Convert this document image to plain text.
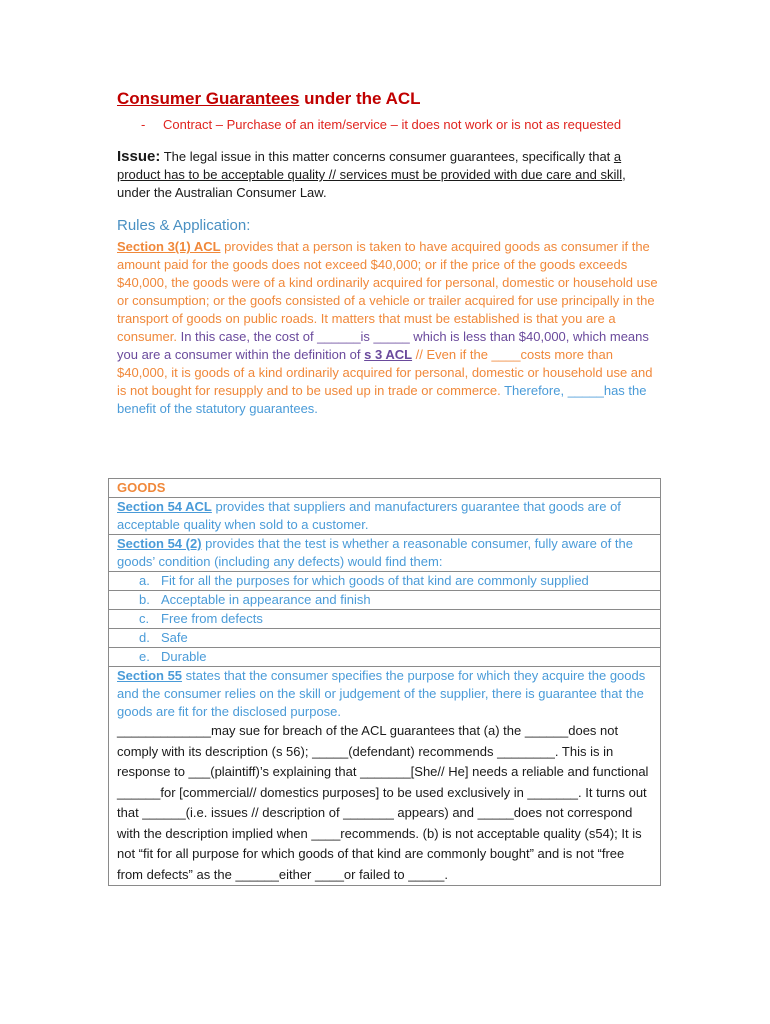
Consumer Guarantees under the ACL
-	Contract – Purchase of an item/service – it does not work or is not as requested

Issue: The legal issue in this matter concerns consumer guarantees, specifically that a product has to be acceptable quality // services must be provided with due care and skill, under the Australian Consumer Law.

Rules & Application:
Section 3(1) ACL provides that a person is taken to have acquired goods as consumer if the amount paid for the goods does not exceed $40,000; or if the price of the goods exceeds $40,000, the goods were of a kind ordinarily acquired for personal, domestic or household use or consumption; or the goofs consisted of a vehicle or trailer acquired for use principally in the transport of goods on public roads. It matters that must be established is that you are a consumer. In this case, the cost of ______is _____ which is less than $40,000, which means you are a consumer within the definition of s 3 ACL // Even if the ____costs more than $40,000, it is goods of a kind ordinarily acquired for personal, domestic or household use and is not bought for resupply and to be used up in trade or commerce. Therefore, _____has the benefit of the statutory guarantees.
GOODS
Section 54 ACL provides that suppliers and manufacturers guarantee that goods are of acceptable quality when sold to a customer.
Section 54 (2) provides that the test is whether a reasonable consumer, fully aware of the goods’ condition (including any defects) would find them:

a. Fit for all the purposes for which goods of that kind are commonly supplied

b. Acceptable in appearance and finish

c. Free from defects

d. Safe

e. Durable

Section 55 states that the consumer specifies the purpose for which they acquire the goods and the consumer relies on the skill or judgement of the supplier, there is guarantee that the goods are fit for the disclosed purpose.
_____________may sue for breach of the ACL guarantees that (a) the ______does not comply with its description (s 56); _____(defendant) recommends ________. This is in response to ___(plaintiff)’s explaining that _______[She// He] needs a reliable and functional ______for [commercial// domestics purposes] to be used exclusively in _______. It turns out that ______(i.e. issues // description of _______ appears) and _____does not correspond with the description implied when ____recommends. (b) is not acceptable quality (s54); It is not “fit for all purpose for which goods of that kind are commonly bought” and is not “free from defects” as the ______either ____or failed to _____.
